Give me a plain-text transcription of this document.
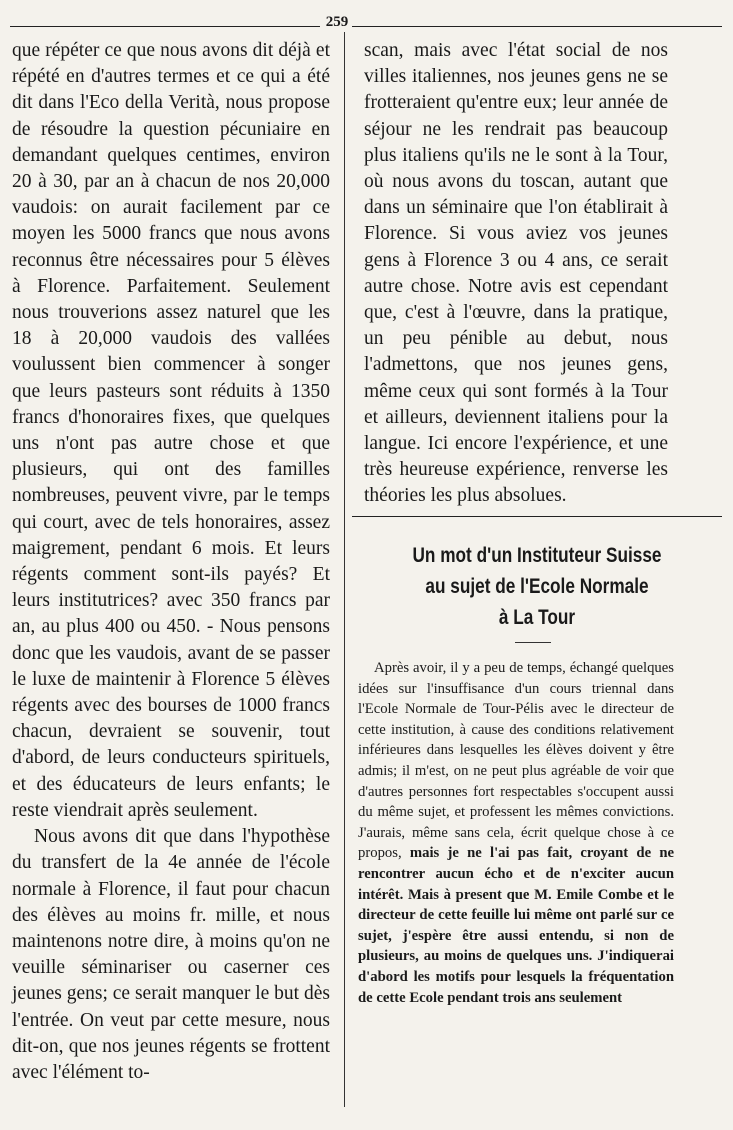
259

que répéter ce que nous avons dit déjà et répété en d'autres termes et ce qui a été dit dans l'Eco della Verità, nous propose de résoudre la question pécuniaire en demandant quelques centimes, environ 20 à 30, par an à chacun de nos 20,000 vaudois: on aurait facilement par ce moyen les 5000 francs que nous avons reconnus être nécessaires pour 5 élèves à Florence. Parfaitement. Seulement nous trouverions assez naturel que les 18 à 20,000 vaudois des vallées voulussent bien commencer à songer que leurs pasteurs sont réduits à 1350 francs d'honoraires fixes, que quelques uns n'ont pas autre chose et que plusieurs, qui ont des familles nombreuses, peuvent vivre, par le temps qui court, avec de tels honoraires, assez maigrement, pendant 6 mois. Et leurs régents comment sont-ils payés? Et leurs institutrices? avec 350 francs par an, au plus 400 ou 450. - Nous pensons donc que les vaudois, avant de se passer le luxe de maintenir à Florence 5 élèves régents avec des bourses de 1000 francs chacun, devraient se souvenir, tout d'abord, de leurs conducteurs spirituels, et des éducateurs de leurs enfants; le reste viendrait après seulement.

Nous avons dit que dans l'hypothèse du transfert de la 4e année de l'école normale à Florence, il faut pour chacun des élèves au moins fr. mille, et nous maintenons notre dire, à moins qu'on ne veuille séminariser ou caserner ces jeunes gens; ce serait manquer le but dès l'entrée. On veut par cette mesure, nous dit-on, que nos jeunes régents se frottent avec l'élément to-

scan, mais avec l'état social de nos villes italiennes, nos jeunes gens ne se frotteraient qu'entre eux; leur année de séjour ne les rendrait pas beaucoup plus italiens qu'ils ne le sont à la Tour, où nous avons du toscan, autant que dans un séminaire que l'on établirait à Florence. Si vous aviez vos jeunes gens à Florence 3 ou 4 ans, ce serait autre chose. Notre avis est cependant que, c'est à l'œuvre, dans la pratique, un peu pénible au debut, nous l'admettons, que nos jeunes gens, même ceux qui sont formés à la Tour et ailleurs, deviennent italiens pour la langue. Ici encore l'expérience, et une très heureuse expérience, renverse les théories les plus absolues.

Un mot d'un Instituteur Suisse
au sujet de l'Ecole Normale
à La Tour

Après avoir, il y a peu de temps, échangé quelques idées sur l'insuffisance d'un cours triennal dans l'Ecole Normale de Tour-Pélis avec le directeur de cette institution, à cause des conditions relativement inférieures dans lesquelles les élèves doivent y être admis; il m'est, on ne peut plus agréable de voir que d'autres personnes fort respectables s'occupent aussi du même sujet, et professent les mêmes convictions. J'aurais, même sans cela, écrit quelque chose à ce propos, mais je ne l'ai pas fait, croyant de ne rencontrer aucun écho et de n'exciter aucun intérêt. Mais à present que M. Emile Combe et le directeur de cette feuille lui même ont parlé sur ce sujet, j'espère être aussi entendu, si non de plusieurs, au moins de quelques uns. J'indiquerai d'abord les motifs pour lesquels la fréquentation de cette Ecole pendant trois ans seulement
